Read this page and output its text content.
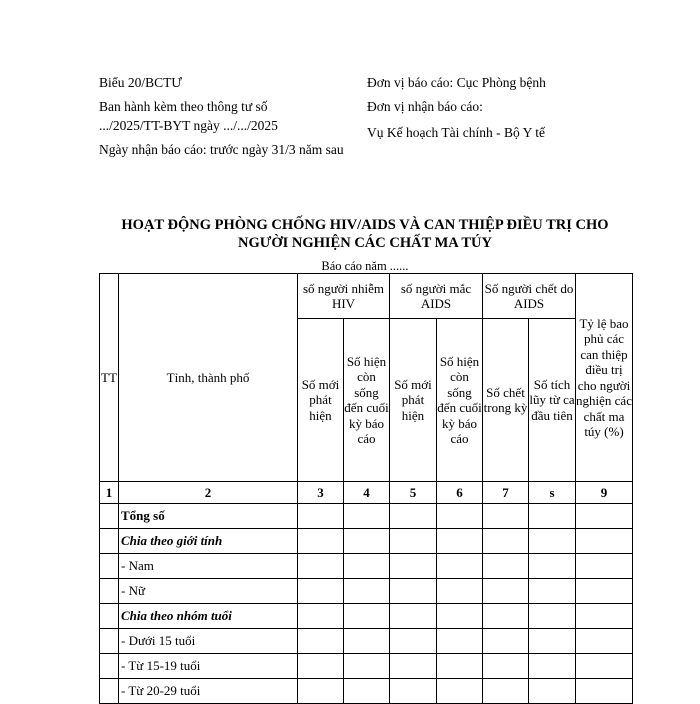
Biểu 20/BCTƯ
Ban hành kèm theo thông tư số
.../2025/TT-BYT ngày .../.../2025
Ngày nhận báo cáo: trước ngày 31/3 năm sau
Đơn vị báo cáo: Cục Phòng bệnh
Đơn vị nhận báo cáo:
Vụ Kế hoạch Tài chính - Bộ Y tế
HOẠT ĐỘNG PHÒNG CHỐNG HIV/AIDS VÀ CAN THIỆP ĐIỀU TRỊ CHO NGƯỜI NGHIỆN CÁC CHẤT MA TÚY
Báo cáo năm ......
TT	Tỉnh, thành phố	số người nhiễm HIV		số người mắc AIDS		Số người chết do AIDS		Tỷ lệ bao phủ các can thiệp điều trị cho người nghiện các chất ma túy (%)
		Số mới phát hiện	Số hiện còn sống đến cuối kỳ báo cáo	Số mới phát hiện	Số hiện còn sống đến cuối kỳ báo cáo	Số chết trong kỳ	Số tích lũy từ ca đầu tiên	
1	2	3	4	5	6	7	s	9
	Tổng số							
	Chia theo giới tính							
	- Nam							
	- Nữ							
	Chia theo nhóm tuổi							
	- Dưới 15 tuổi							
	- Từ 15-19 tuổi							
	- Từ 20-29 tuổi							
